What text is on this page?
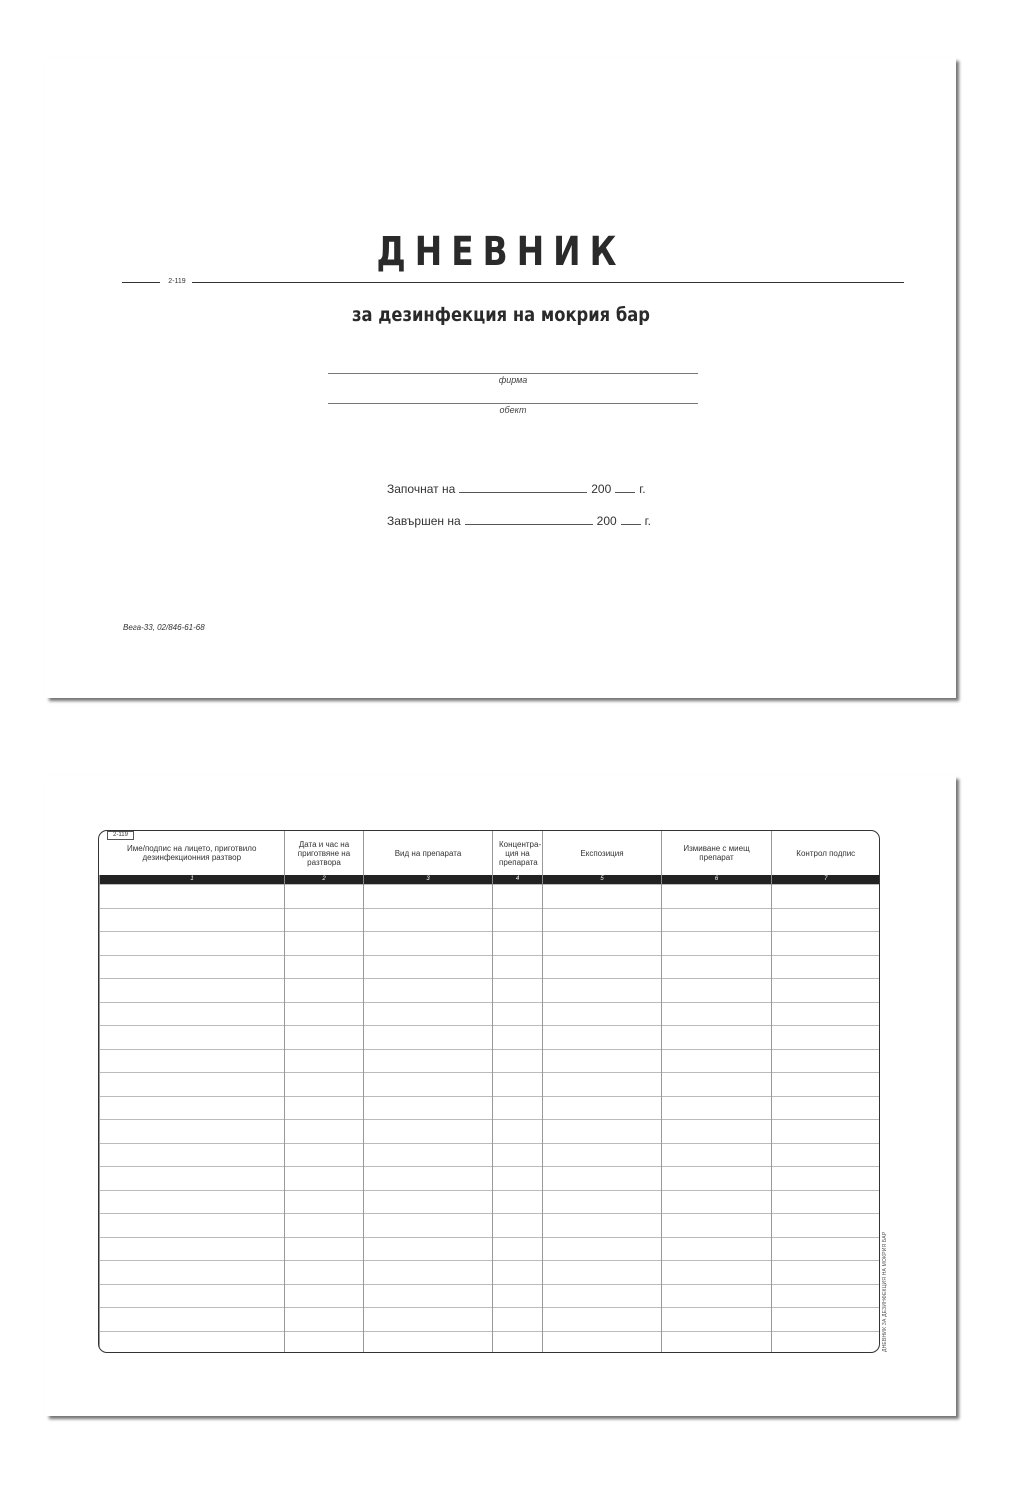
2-119
ДНЕВНИК
за дезинфекция на мокрия бар
фирма
обект
Започнат на	200 г.
Завършен на	200 г.
Вега-33, 02/846-61-68
Име/подпис на лицето, приготвило дезинфекционния разтвор	Дата и час на приготвяне на разтвора	Вид на препарата	Концентра-ция на препарата	Експозиция	Измиване с миещ препарат	Контрол подпис
1	2	3	4	5	6	7

2-119
ДНЕВНИК ЗА ДЕЗИНФЕКЦИЯ НА МОКРИЯ БАР
